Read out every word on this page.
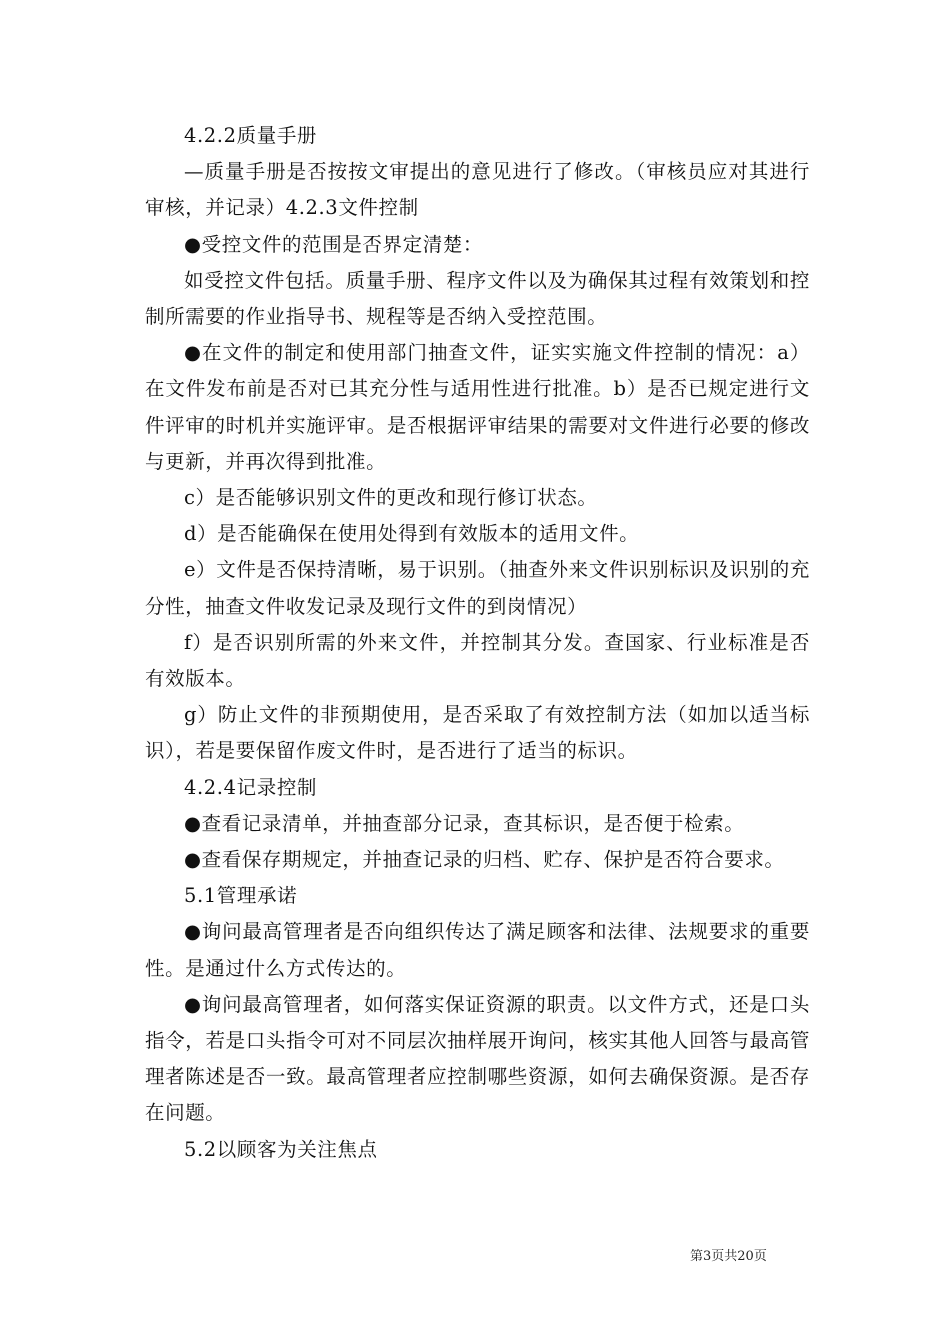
4.2.2质量手册

—质量手册是否按按文审提出的意见进行了修改。（审核员应对其进行审核，并记录）4.2.3文件控制

●受控文件的范围是否界定清楚：

如受控文件包括。质量手册、程序文件以及为确保其过程有效策划和控制所需要的作业指导书、规程等是否纳入受控范围。

●在文件的制定和使用部门抽查文件，证实实施文件控制的情况：a）在文件发布前是否对已其充分性与适用性进行批准。b）是否已规定进行文件评审的时机并实施评审。是否根据评审结果的需要对文件进行必要的修改与更新，并再次得到批准。

c）是否能够识别文件的更改和现行修订状态。

d）是否能确保在使用处得到有效版本的适用文件。

e）文件是否保持清晰，易于识别。（抽查外来文件识别标识及识别的充分性，抽查文件收发记录及现行文件的到岗情况）

f）是否识别所需的外来文件，并控制其分发。查国家、行业标准是否有效版本。

g）防止文件的非预期使用，是否采取了有效控制方法（如加以适当标识），若是要保留作废文件时，是否进行了适当的标识。

4.2.4记录控制

●查看记录清单，并抽查部分记录，查其标识，是否便于检索。

●查看保存期规定，并抽查记录的归档、贮存、保护是否符合要求。

5.1管理承诺

●询问最高管理者是否向组织传达了满足顾客和法律、法规要求的重要性。是通过什么方式传达的。

●询问最高管理者，如何落实保证资源的职责。以文件方式，还是口头指令，若是口头指令可对不同层次抽样展开询问，核实其他人回答与最高管理者陈述是否一致。最高管理者应控制哪些资源，如何去确保资源。是否存在问题。

5.2以顾客为关注焦点

第3页共20页
